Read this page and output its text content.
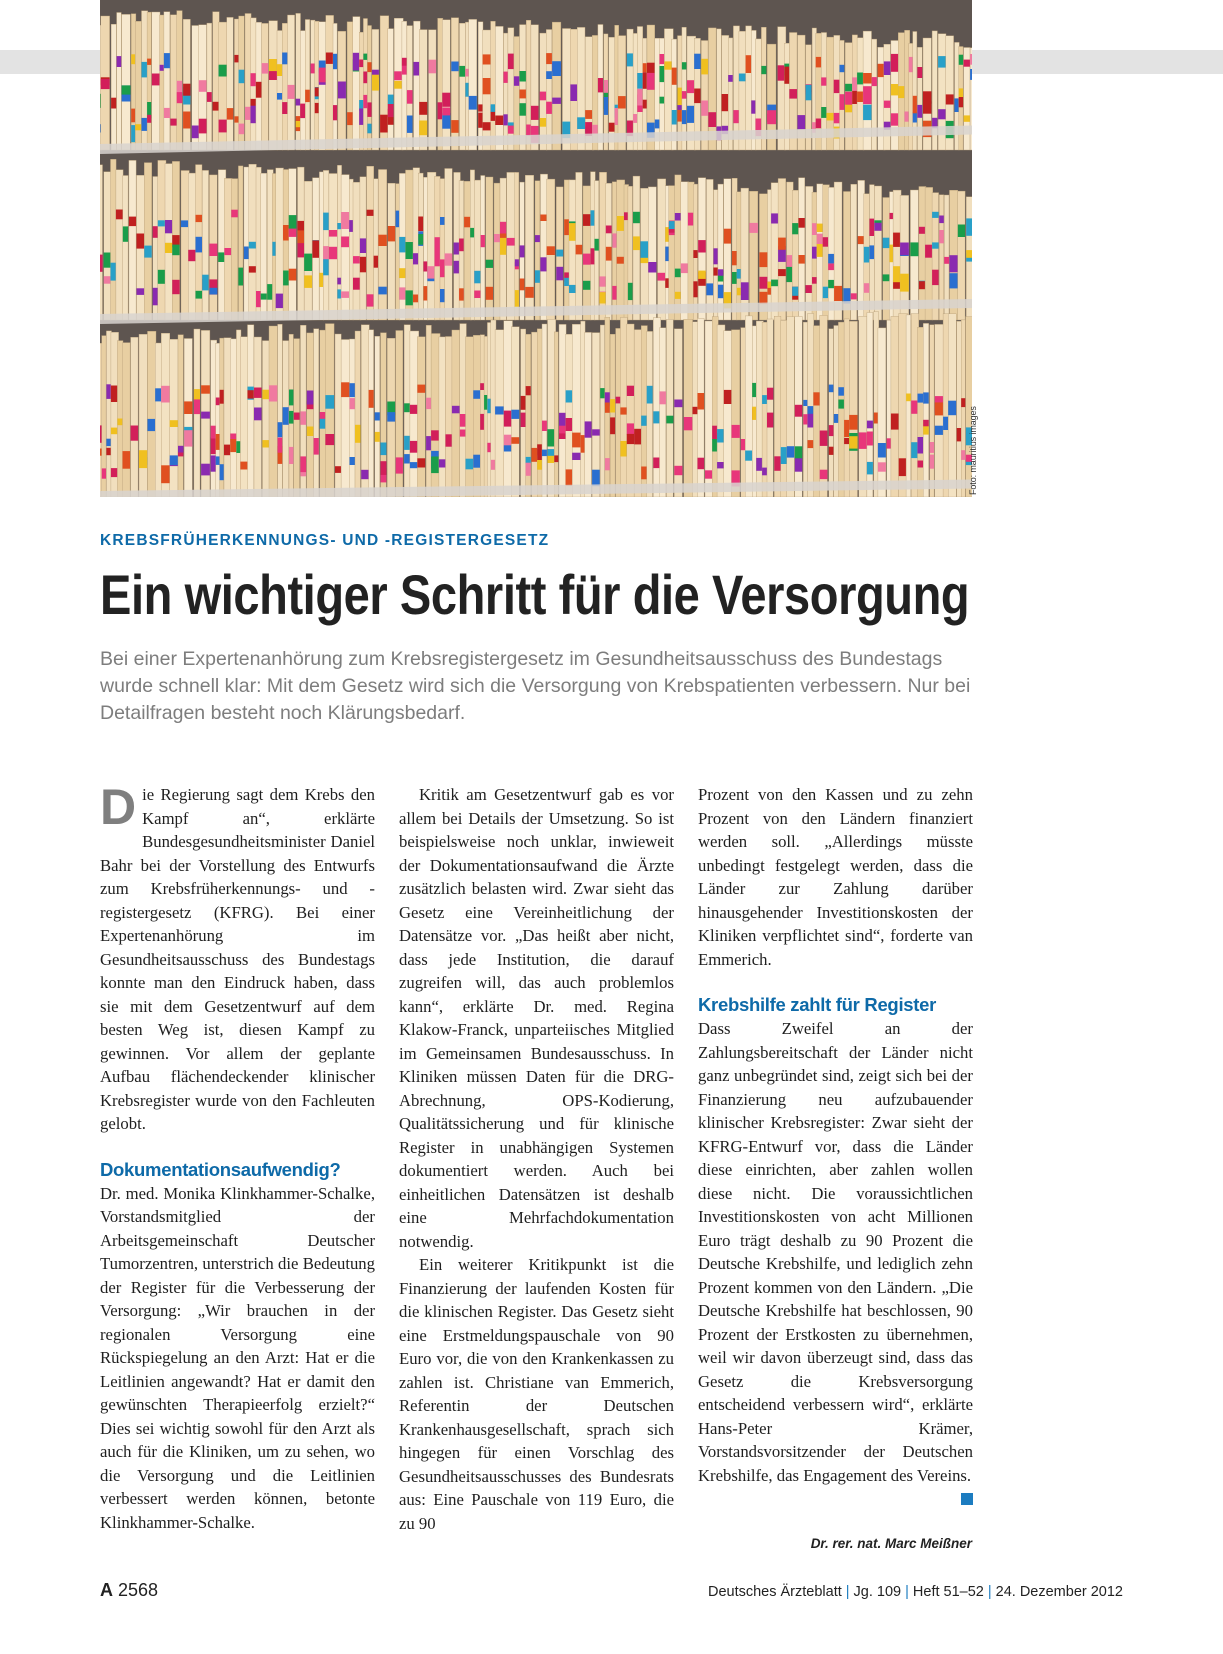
Foto: mauritius images
KREBSFRÜHERKENNUNGS- UND -REGISTERGESETZ
Ein wichtiger Schritt für die Versorgung
Bei einer Expertenanhörung zum Krebsregistergesetz im Gesundheitsausschuss des Bundestags wurde schnell klar: Mit dem Gesetz wird sich die Versorgung von Krebspatienten verbessern. Nur bei Detailfragen besteht noch Klärungsbedarf.

Die Regierung sagt dem Krebs den Kampf an“, erklärte Bundesgesundheitsminister Daniel Bahr bei der Vorstellung des Entwurfs zum Krebsfrüherkennungs- und -registergesetz (KFRG). Bei einer Expertenanhörung im Gesundheitsausschuss des Bundestags konnte man den Eindruck haben, dass sie mit dem Gesetzentwurf auf dem besten Weg ist, diesen Kampf zu gewinnen. Vor allem der geplante Aufbau flächendeckender klinischer Krebsregister wurde von den Fachleuten gelobt.

Dokumentationsaufwendig?

Dr. med. Monika Klinkhammer-Schalke, Vorstandsmitglied der Arbeitsgemeinschaft Deutscher Tumorzentren, unterstrich die Bedeutung der Register für die Verbesserung der Versorgung: „Wir brauchen in der regionalen Versorgung eine Rückspiegelung an den Arzt: Hat er die Leitlinien angewandt? Hat er damit den gewünschten Therapieerfolg erzielt?“ Dies sei wichtig sowohl für den Arzt als auch für die Kliniken, um zu sehen, wo die Versorgung und die Leitlinien verbessert werden können, betonte Klinkhammer-Schalke.

Kritik am Gesetzentwurf gab es vor allem bei Details der Umsetzung. So ist beispielsweise noch unklar, inwieweit der Dokumentationsaufwand die Ärzte zusätzlich belasten wird. Zwar sieht das Gesetz eine Vereinheitlichung der Datensätze vor. „Das heißt aber nicht, dass jede Institution, die darauf zugreifen will, das auch problemlos kann“, erklärte Dr. med. Regina Klakow-Franck, unparteiisches Mitglied im Gemeinsamen Bundesausschuss. In Kliniken müssen Daten für die DRG-Abrechnung, OPS-Kodierung, Qualitätssicherung und für klinische Register in unabhängigen Systemen dokumentiert werden. Auch bei einheitlichen Datensätzen ist deshalb eine Mehrfachdokumentation notwendig.

Ein weiterer Kritikpunkt ist die Finanzierung der laufenden Kosten für die klinischen Register. Das Gesetz sieht eine Erstmeldungspauschale von 90 Euro vor, die von den Krankenkassen zu zahlen ist. Christiane van Emmerich, Referentin der Deutschen Krankenhausgesellschaft, sprach sich hingegen für einen Vorschlag des Gesundheitsausschusses des Bundesrats aus: Eine Pauschale von 119 Euro, die zu 90

Prozent von den Kassen und zu zehn Prozent von den Ländern finanziert werden soll. „Allerdings müsste unbedingt festgelegt werden, dass die Länder zur Zahlung darüber hinausgehender Investitionskosten der Kliniken verpflichtet sind“, forderte van Emmerich.

Krebshilfe zahlt für Register

Dass Zweifel an der Zahlungsbereitschaft der Länder nicht ganz unbegründet sind, zeigt sich bei der Finanzierung neu aufzubauender klinischer Krebsregister: Zwar sieht der KFRG-Entwurf vor, dass die Länder diese einrichten, aber zahlen wollen diese nicht. Die voraussichtlichen Investitionskosten von acht Millionen Euro trägt deshalb zu 90 Prozent die Deutsche Krebshilfe, und lediglich zehn Prozent kommen von den Ländern. „Die Deutsche Krebshilfe hat beschlossen, 90 Prozent der Erstkosten zu übernehmen, weil wir davon überzeugt sind, dass das Gesetz die Krebsversorgung entscheidend verbessern wird“, erklärte Hans-Peter Krämer, Vorstandsvorsitzender der Deutschen Krebshilfe, das Engagement des Vereins.

Dr. rer. nat. Marc Meißner
A 2568	Deutsches Ärzteblatt | Jg. 109 | Heft 51–52 | 24. Dezember 2012
